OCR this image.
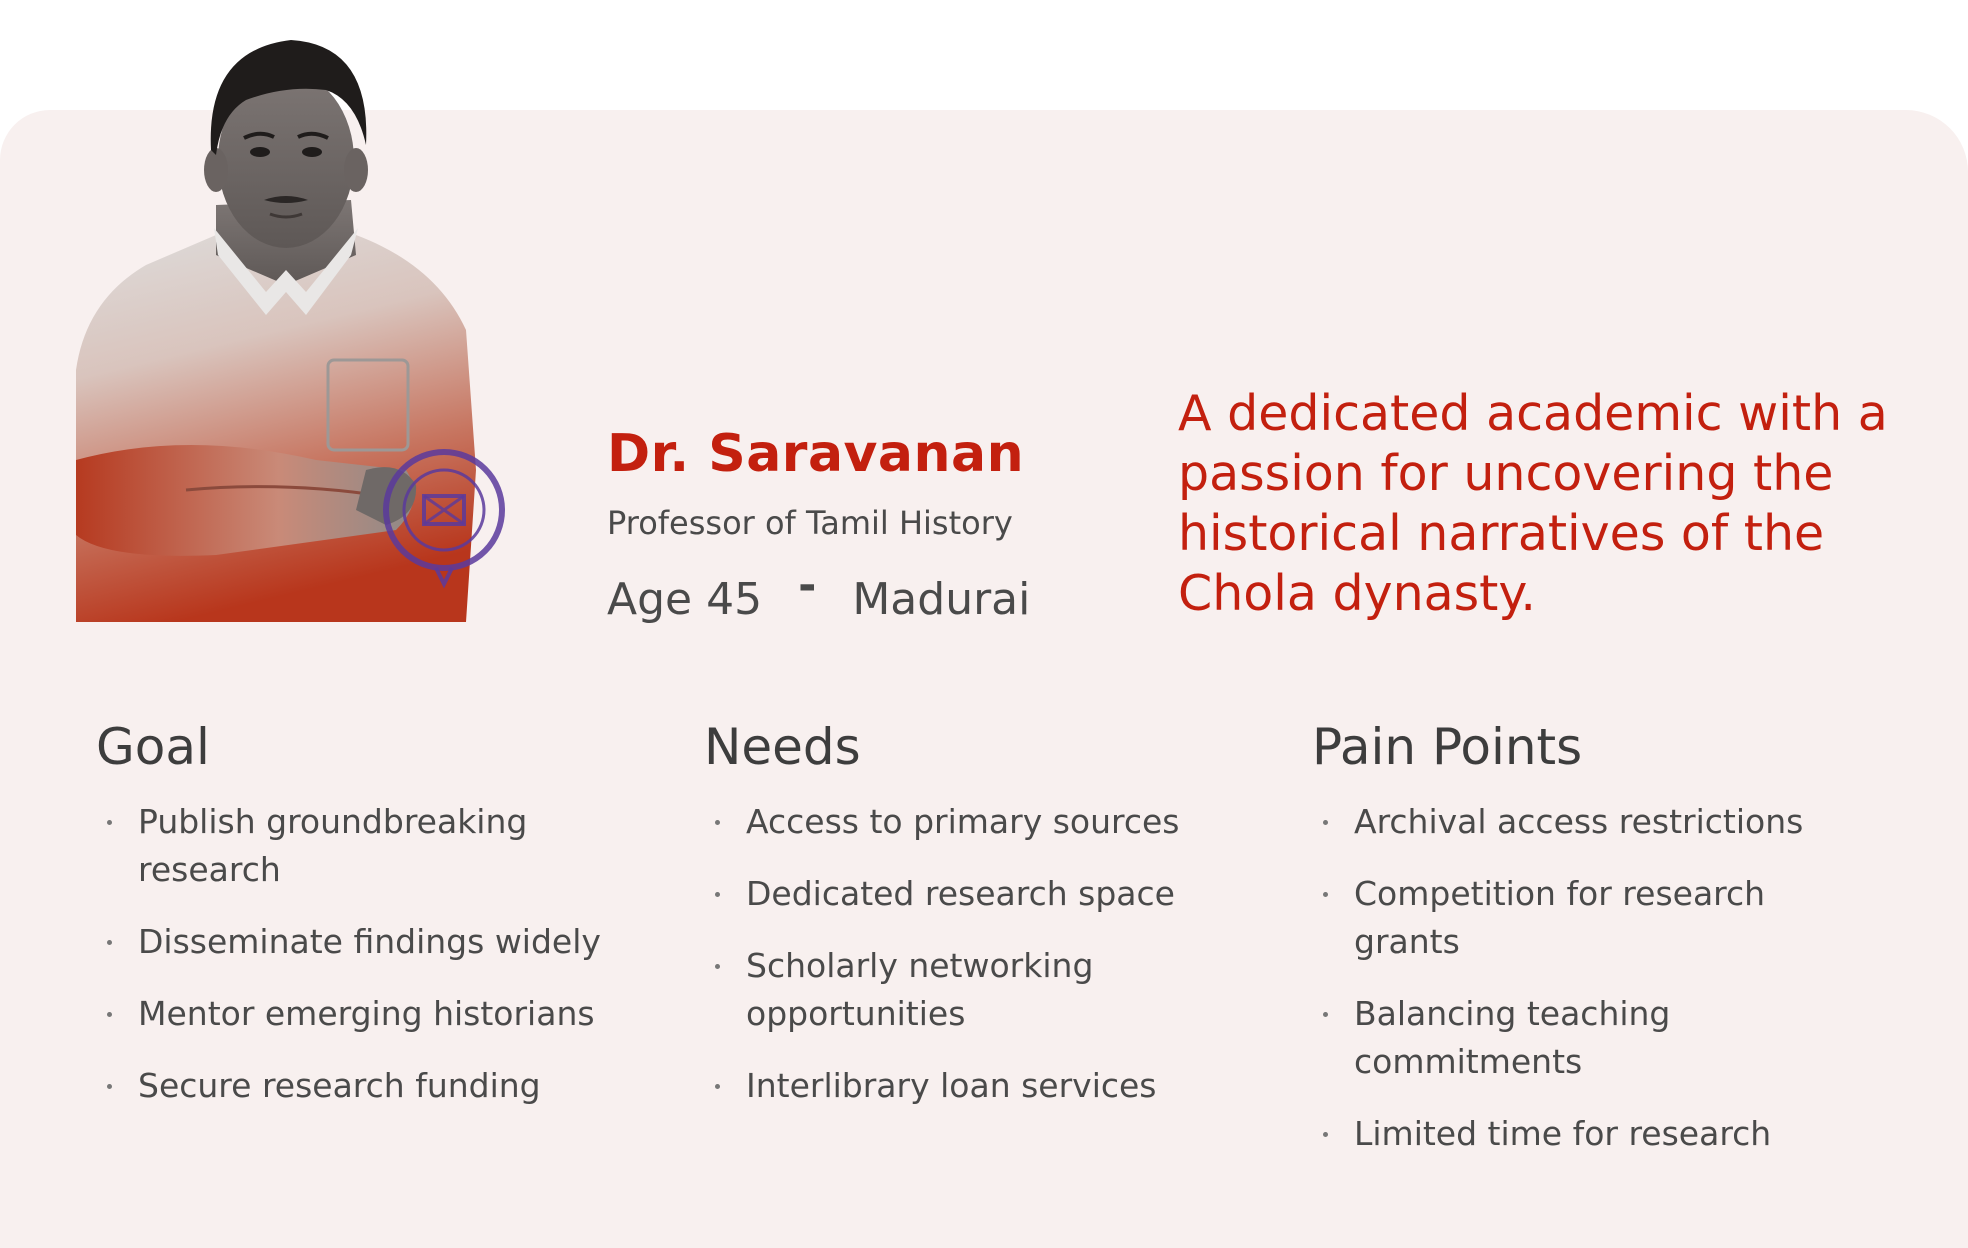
Dr. Saravanan

Professor of Tamil History

Age 45 - Madurai

A dedicated academic with a passion for uncovering the historical narratives of the Chola dynasty.

Goal
Publish groundbreaking research
Disseminate findings widely
Mentor emerging historians
Secure research funding
Needs
Access to primary sources
Dedicated research space
Scholarly networking opportunities
Interlibrary loan services
Pain Points
Archival access restrictions
Competition for research grants
Balancing teaching commitments
Limited time for research
